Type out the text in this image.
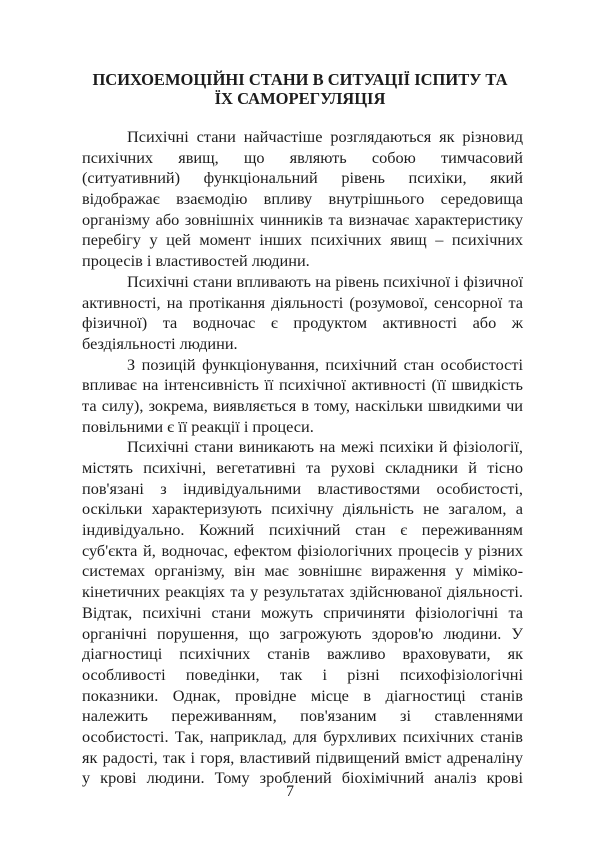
ПСИХОЕМОЦІЙНІ СТАНИ В СИТУАЦІЇ ІСПИТУ ТА
ЇХ САМОРЕГУЛЯЦІЯ
Психічні стани найчастіше розглядаються як різновид
психічних явищ, що являють собою тимчасовий
(ситуативний) функціональний рівень психіки, який
відображає взаємодію впливу внутрішнього середовища
організму або зовнішніх чинників та визначає характеристику
перебігу у цей момент інших психічних явищ – психічних
процесів і властивостей людини.
Психічні стани впливають на рівень психічної і фізичної
активності, на протікання діяльності (розумової, сенсорної та
фізичної) та водночас є продуктом активності або ж
бездіяльності людини.
З позицій функціонування, психічний стан особистості
впливає на інтенсивність її психічної активності (її швидкість
та силу), зокрема, виявляється в тому, наскільки швидкими чи
повільними є її реакції і процеси.
Психічні стани виникають на межі психіки й фізіології,
містять психічні, вегетативні та рухові складники й тісно
пов'язані з індивідуальними властивостями особистості,
оскільки характеризують психічну діяльність не загалом, а
індивідуально. Кожний психічний стан є переживанням
суб'єкта й, водночас, ефектом фізіологічних процесів у різних
системах організму, він має зовнішнє вираження у міміко-
кінетичних реакціях та у результатах здійснюваної діяльності.
Відтак, психічні стани можуть спричиняти фізіологічні та
органічні порушення, що загрожують здоров'ю людини. У
діагностиці психічних станів важливо враховувати, як
особливості поведінки, так і різні психофізіологічні
показники. Однак, провідне місце в діагностиці станів
належить переживанням, пов'язаним зі ставленнями
особистості. Так, наприклад, для бурхливих психічних станів
як радості, так і горя, властивий підвищений вміст адреналіну
у крові людини. Тому зроблений біохімічний аналіз крові
7
